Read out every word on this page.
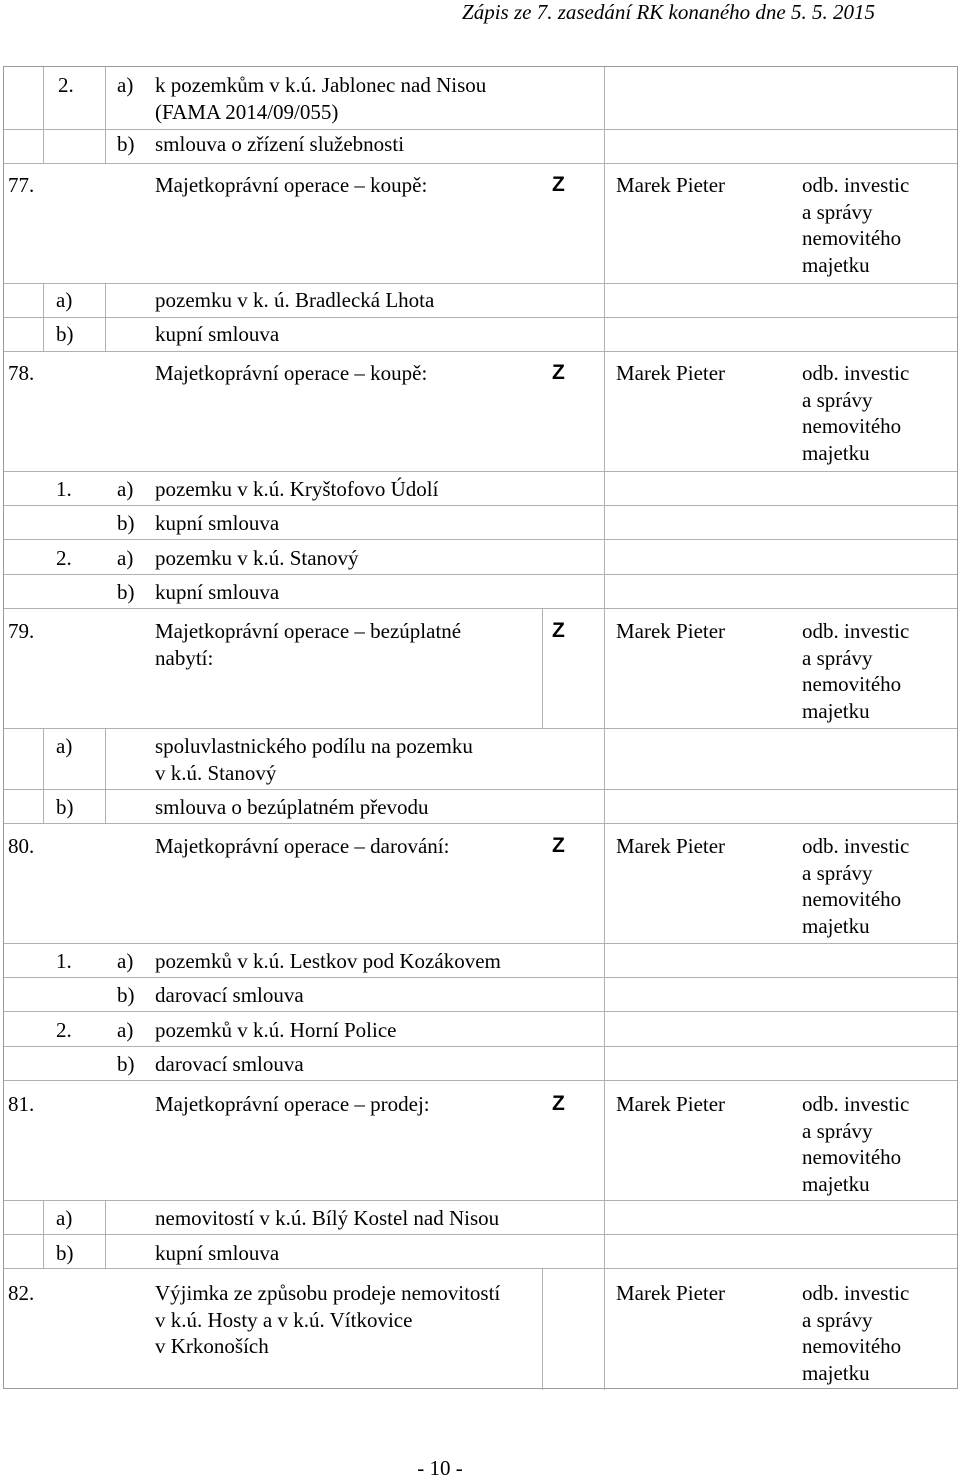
Zápis ze 7. zasedání RK konaného dne 5. 5. 2015
2. a) k pozemkům v k.ú. Jablonec nad Nisou
(FAMA 2014/09/055)
b) smlouva o zřízení služebnosti
77.	Majetkoprávní operace – koupě:	Z Marek Pieter	odb. investic
a správy
nemovitého
majetku
a)	pozemku v k. ú. Bradlecká Lhota
b)	kupní smlouva
78.	Majetkoprávní operace – koupě:	Z Marek Pieter	odb. investic
a správy
nemovitého
majetku
1. a) pozemku v k.ú. Kryštofovo Údolí
b) kupní smlouva
2. a) pozemku v k.ú. Stanový
b) kupní smlouva
79.	Majetkoprávní operace – bezúplatné
nabytí:
Z Marek Pieter	odb. investic
a správy
nemovitého
majetku
a)	spoluvlastnického podílu na pozemku
v k.ú. Stanový
b)	smlouva o bezúplatném převodu
80.	Majetkoprávní operace – darování:	Z Marek Pieter	odb. investic
a správy
nemovitého
majetku
1. a) pozemků v k.ú. Lestkov pod Kozákovem
b) darovací smlouva
2. a) pozemků v k.ú. Horní Police
b) darovací smlouva
81.	Majetkoprávní operace – prodej:	Z Marek Pieter	odb. investic
a správy
nemovitého
majetku
a)	nemovitostí v k.ú. Bílý Kostel nad Nisou
b)	kupní smlouva
82.	Výjimka ze způsobu prodeje nemovitostí
v k.ú. Hosty a v k.ú. Vítkovice
v Krkonoších
Marek Pieter	odb. investic
a správy
nemovitého
majetku
- 10 -
